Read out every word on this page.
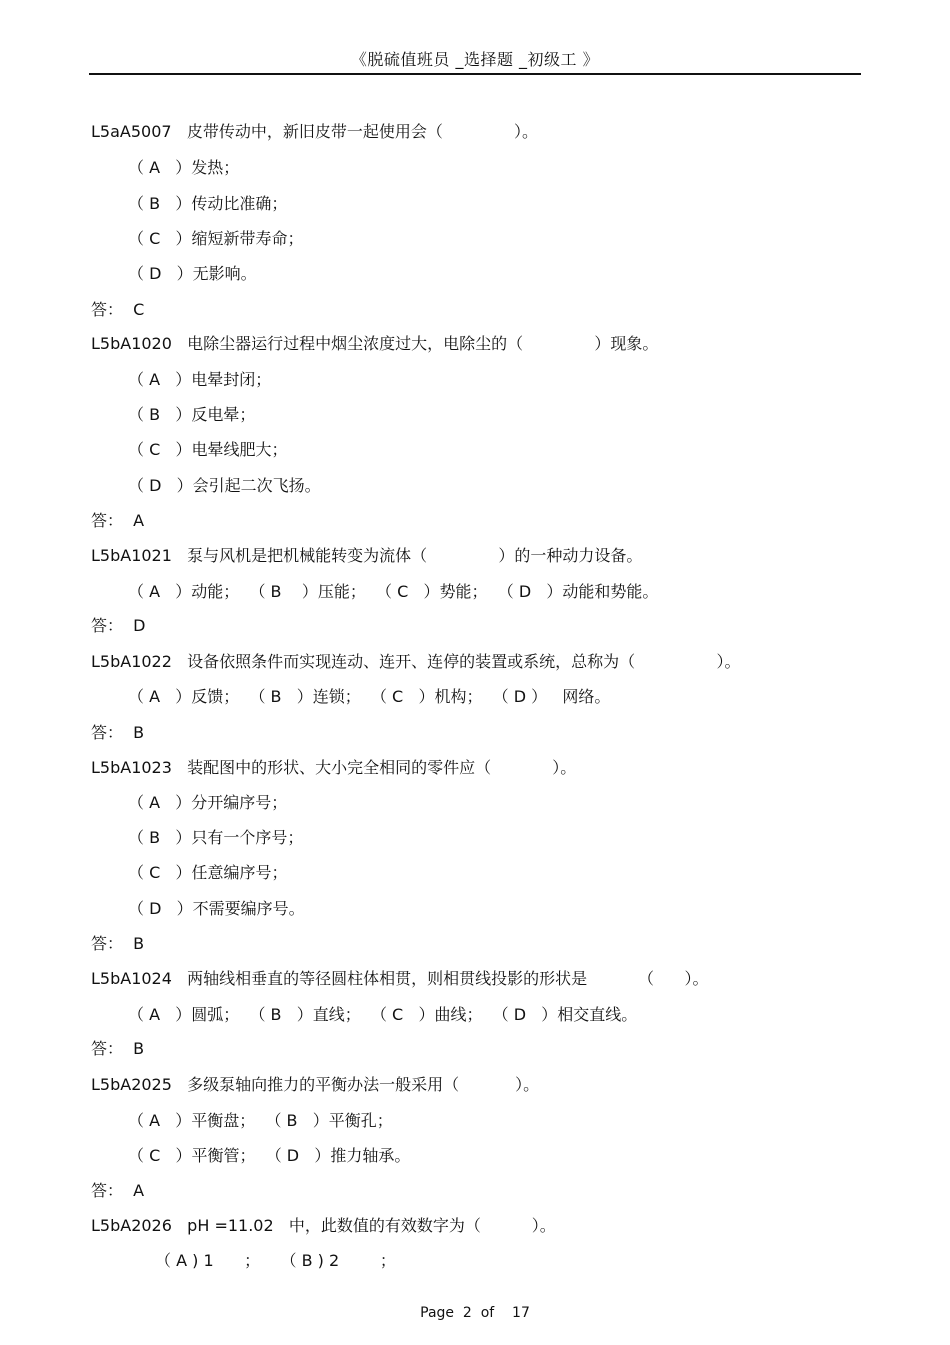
《脱硫值班员 _选择题 _初级工 》
L5aA5007   皮带传动中，新旧皮带一起使用会（              ）。
（ A   ）发热；
（ B   ）传动比准确；
（ C   ）缩短新带寿命；
（ D   ）无影响。
答：  C
L5bA1020   电除尘器运行过程中烟尘浓度过大，电除尘的（              ）现象。
（ A   ）电晕封闭；
（ B   ）反电晕；
（ C   ）电晕线肥大；
（ D   ）会引起二次飞扬。
答：  A
L5bA1021   泵与风机是把机械能转变为流体（              ）的一种动力设备。
（ A   ）动能；  （ B    ）压能；  （ C   ）势能；  （ D   ）动能和势能。
答：  D
L5bA1022   设备依照条件而实现连动、连开、连停的装置或系统，总称为（                ）。
（ A   ）反馈；  （ B   ）连锁；  （ C   ）机构；  （ D ）   网络。
答：  B
L5bA1023   装配图中的形状、大小完全相同的零件应（            ）。
（ A   ）分开编序号；
（ B   ）只有一个序号；
（ C   ）任意编序号；
（ D   ）不需要编序号。
答：  B
L5bA1024   两轴线相垂直的等径圆柱体相贯，则相贯线投影的形状是          （      ）。
（ A   ）圆弧；  （ B   ）直线；  （ C   ）曲线；  （ D   ）相交直线。
答：  B
L5bA2025   多级泵轴向推力的平衡办法一般采用（           ）。
（ A   ）平衡盘；  （ B   ）平衡孔；
（ C   ）平衡管；  （ D   ）推力轴承。
答：  A
L5bA2026   pH =11.02   中，此数值的有效数字为（          ）。
（ A ) 1      ；    （ B ) 2        ；
Page  2  of    17
